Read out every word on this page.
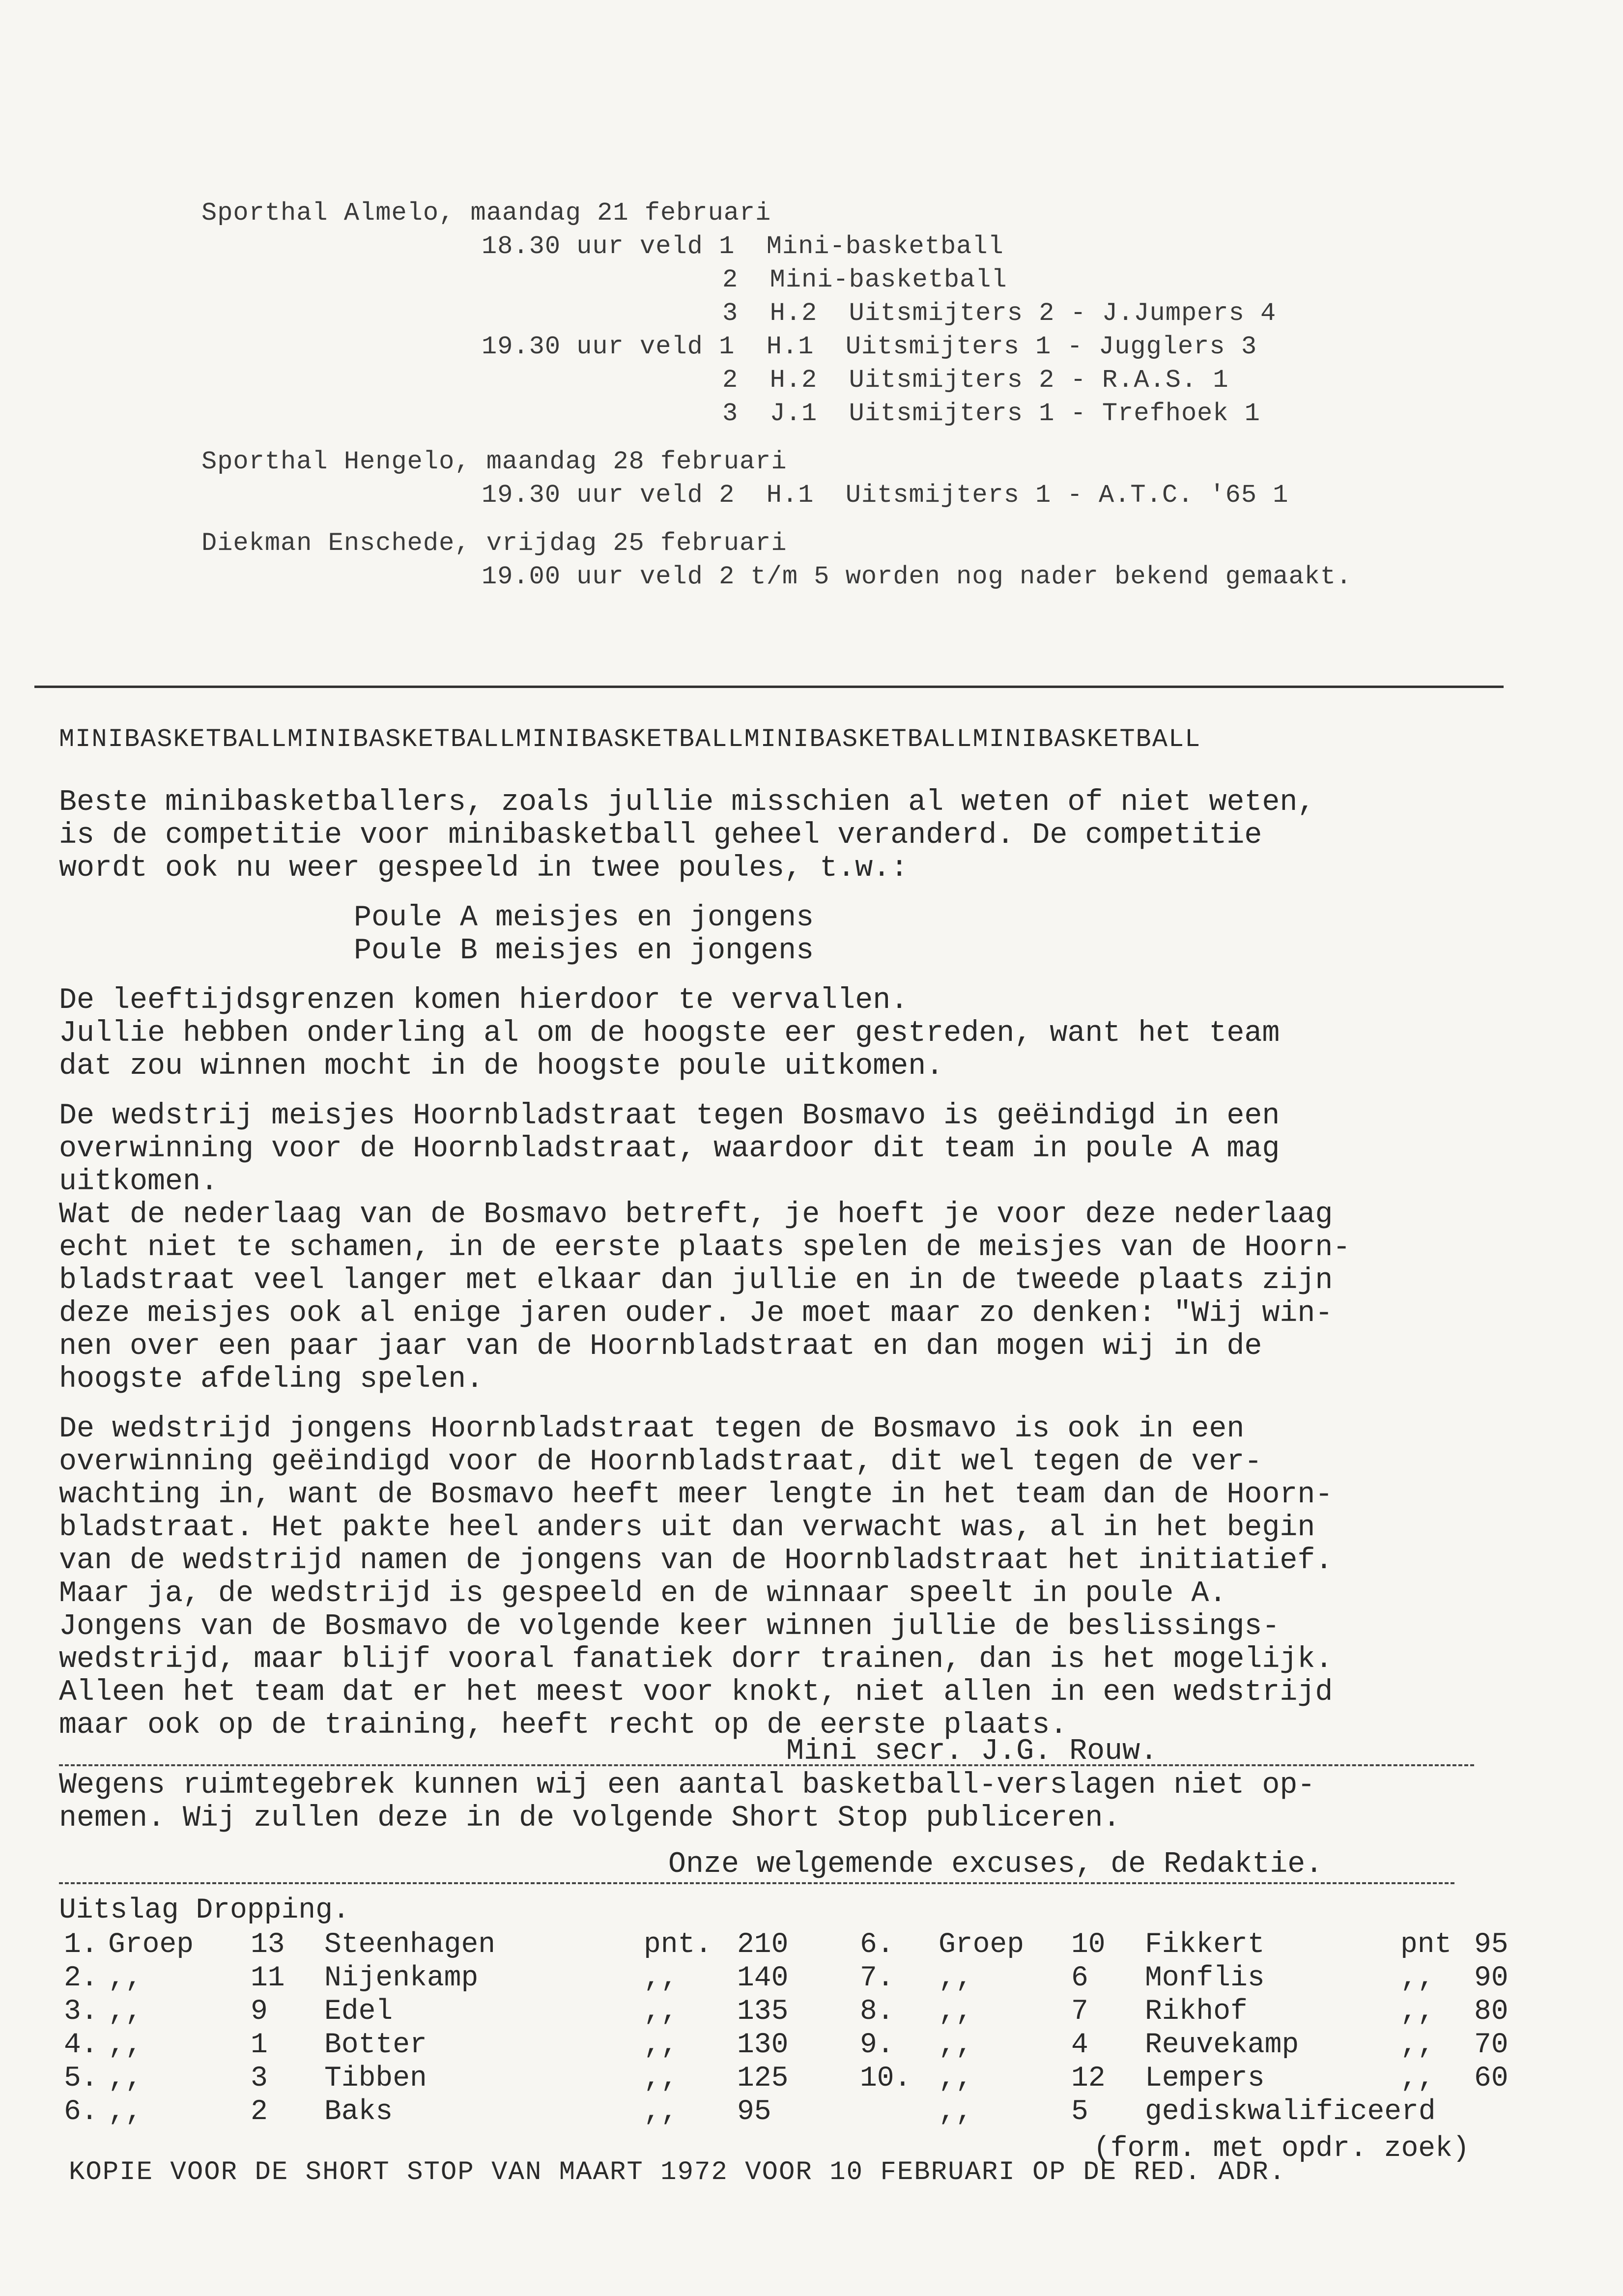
Sporthal Almelo, maandag 21 februari
18.30 uur veld 1  Mini-basketball
2  Mini-basketball
3  H.2  Uitsmijters 2 - J.Jumpers 4
19.30 uur veld 1  H.1  Uitsmijters 1 - Jugglers 3
2  H.2  Uitsmijters 2 - R.A.S. 1
3  J.1  Uitsmijters 1 - Trefhoek 1
Sporthal Hengelo, maandag 28 februari
19.30 uur veld 2  H.1  Uitsmijters 1 - A.T.C. '65 1
Diekman Enschede, vrijdag 25 februari
19.00 uur veld 2 t/m 5 worden nog nader bekend gemaakt.
MINIBASKETBALLMINIBASKETBALLMINIBASKETBALLMINIBASKETBALLMINIBASKETBALL

Beste minibasketballers, zoals jullie misschien al weten of niet weten,
is de competitie voor minibasketball geheel veranderd. De competitie
wordt ook nu weer gespeeld in twee poules, t.w.:

Poule A meisjes en jongens
Poule B meisjes en jongens

De leeftijdsgrenzen komen hierdoor te vervallen.
Jullie hebben onderling al om de hoogste eer gestreden, want het team
dat zou winnen mocht in de hoogste poule uitkomen.

De wedstrij meisjes Hoornbladstraat tegen Bosmavo is geëindigd in een
overwinning voor de Hoornbladstraat, waardoor dit team in poule A mag
uitkomen.
Wat de nederlaag van de Bosmavo betreft, je hoeft je voor deze nederlaag
echt niet te schamen, in de eerste plaats spelen de meisjes van de Hoorn-
bladstraat veel langer met elkaar dan jullie en in de tweede plaats zijn
deze meisjes ook al enige jaren ouder. Je moet maar zo denken: "Wij win-
nen over een paar jaar van de Hoornbladstraat en dan mogen wij in de
hoogste afdeling spelen.

De wedstrijd jongens Hoornbladstraat tegen de Bosmavo is ook in een
overwinning geëindigd voor de Hoornbladstraat, dit wel tegen de ver-
wachting in, want de Bosmavo heeft meer lengte in het team dan de Hoorn-
bladstraat. Het pakte heel anders uit dan verwacht was, al in het begin
van de wedstrijd namen de jongens van de Hoornbladstraat het initiatief.
Maar ja, de wedstrijd is gespeeld en de winnaar speelt in poule A.
Jongens van de Bosmavo de volgende keer winnen jullie de beslissings-
wedstrijd, maar blijf vooral fanatiek dorr trainen, dan is het mogelijk.
Alleen het team dat er het meest voor knokt, niet allen in een wedstrijd
maar ook op de training, heeft recht op de eerste plaats.

Mini secr. J.G. Rouw.
Wegens ruimtegebrek kunnen wij een aantal basketball-verslagen niet op-
nemen. Wij zullen deze in de volgende Short Stop publiceren.
Onze welgemende excuses, de Redaktie.
Uitslag Dropping.
1. Groep 13 Steenhagen	pnt. 210	6. Groep 10 Fikkert	pnt 95
2. ,,	11 Nijenkamp	,, 140	7. ,,	6 Monflis	,, 90
3. ,,	9 Edel	,, 135	8. ,,	7 Rikhof	,, 80
4. ,,	1 Botter	,, 130	9. ,,	4 Reuvekamp	,, 70
5. ,,	3 Tibben	,, 125	10. ,,	12 Lempers	,, 60
6. ,,	2 Baks	,, 95	,,	5 gediskwalificeerd

(form. met opdr. zoek)

KOPIE VOOR DE SHORT STOP VAN MAART 1972 VOOR 10 FEBRUARI OP DE RED. ADR.
